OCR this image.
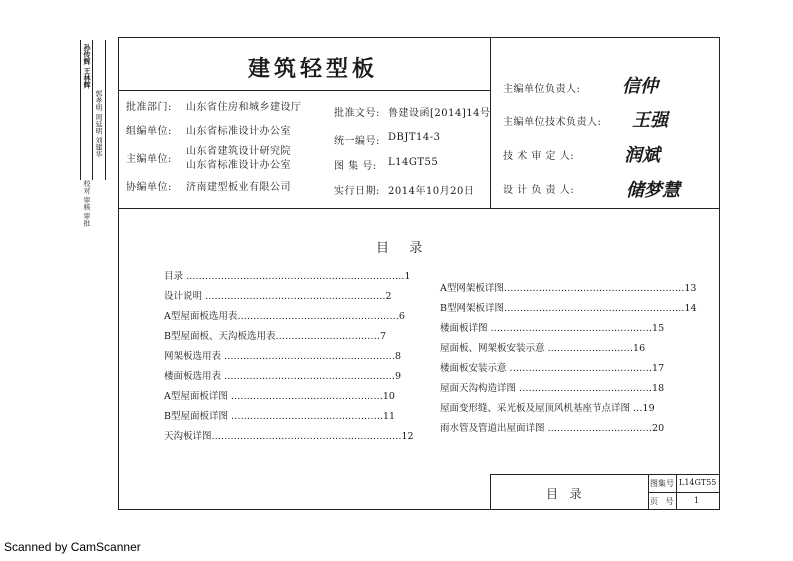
孙传辉 王林辉
郭孝明 周延明 刘建华
校对 审核 审批
建筑轻型板
批准部门: 山东省住房和城乡建设厅
组编单位: 山东省标准设计办公室
主编单位:
山东省建筑设计研究院
山东省标准设计办公室
协编单位: 济南建型板业有限公司
批准文号: 鲁建设函[2014]14号
统一编号: DBJT14-3
图 集 号: L14GT55
实行日期: 2014年10月20日
主编单位负责人: 信仲
主编单位技术负责人: 王强
技 术 审 定 人:	润斌
设 计 负 责 人:	储梦慧
目   录
目录 ……………………………………………………………1
设计说明 …………………………………………………2
A型屋面板选用表……………………………………………6
B型屋面板、天沟板选用表……………………………7
网架板选用表 ………………………………………………8
楼面板选用表 ………………………………………………9
A型屋面板详图 …………………………………………10
B型屋面板详图 …………………………………………11
天沟板详图……………………………………………………12
A型网架板详图…………………………………………………13
B型网架板详图…………………………………………………14
楼面板详图 ……………………………………………15
屋面板、网架板安装示意 ………………………16
楼面板安装示意 ………………………………………17
屋面天沟构造详图 ……………………………………18
屋面变形缝、采光板及屋顶风机基座节点详图 …19
雨水管及管道出屋面详图 ……………………………20
目   录
图集号 L14GT55
页   号	1
Scanned by CamScanner
